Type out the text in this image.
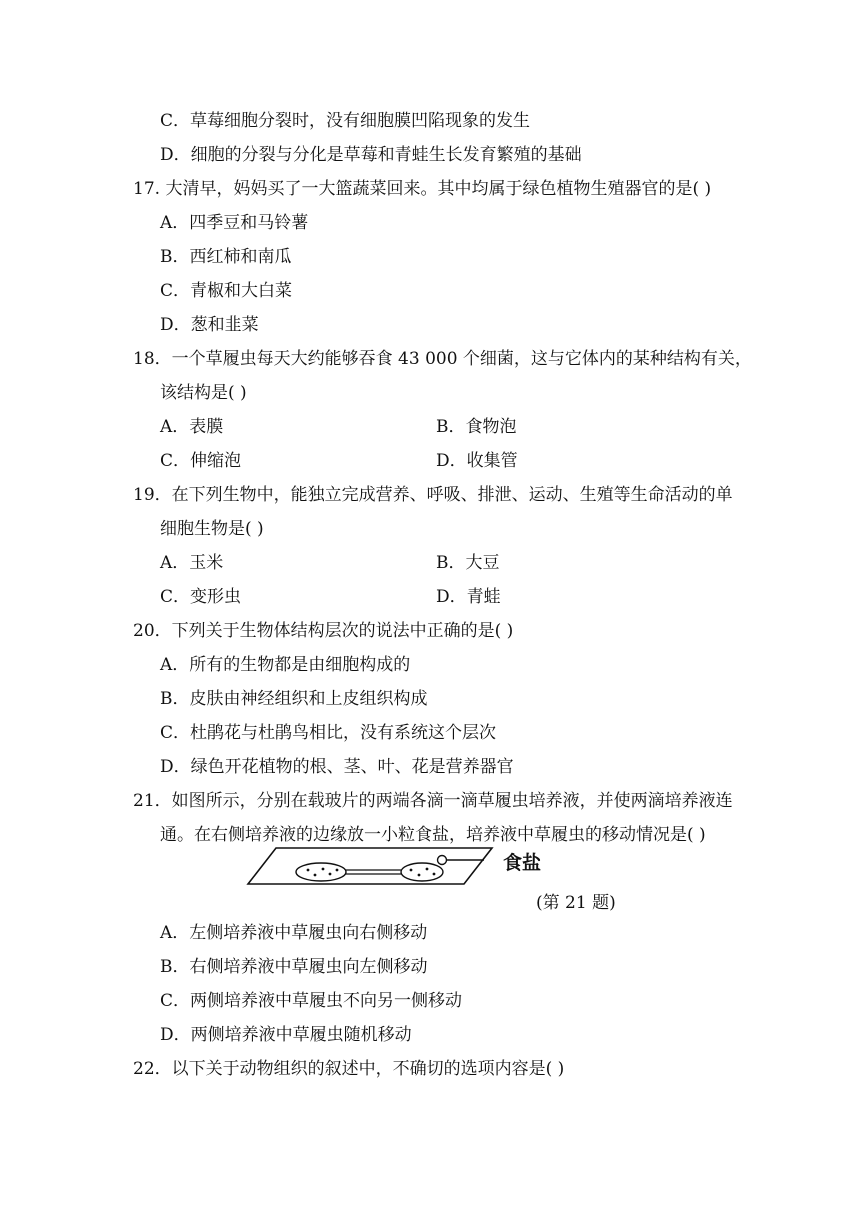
C．草莓细胞分裂时，没有细胞膜凹陷现象的发生
D．细胞的分裂与分化是草莓和青蛙生长发育繁殖的基础
17. 大清早，妈妈买了一大篮蔬菜回来。其中均属于绿色植物生殖器官的是( )
A．四季豆和马铃薯
B．西红柿和南瓜
C．青椒和大白菜
D．葱和韭菜
18．一个草履虫每天大约能够吞食 43 000 个细菌，这与它体内的某种结构有关，
该结构是( )
A．表膜	B．食物泡
C．伸缩泡	D．收集管
19．在下列生物中，能独立完成营养、呼吸、排泄、运动、生殖等生命活动的单
细胞生物是( )
A．玉米	B．大豆
C．变形虫	D．青蛙
20．下列关于生物体结构层次的说法中正确的是( )
A．所有的生物都是由细胞构成的
B．皮肤由神经组织和上皮组织构成
C．杜鹃花与杜鹃鸟相比，没有系统这个层次
D．绿色开花植物的根、茎、叶、花是营养器官
21．如图所示，分别在载玻片的两端各滴一滴草履虫培养液，并使两滴培养液连
通。在右侧培养液的边缘放一小粒食盐，培养液中草履虫的移动情况是( )
食盐
(第 21 题)
A．左侧培养液中草履虫向右侧移动
B．右侧培养液中草履虫向左侧移动
C．两侧培养液中草履虫不向另一侧移动
D．两侧培养液中草履虫随机移动
22．以下关于动物组织的叙述中，不确切的选项内容是( )
